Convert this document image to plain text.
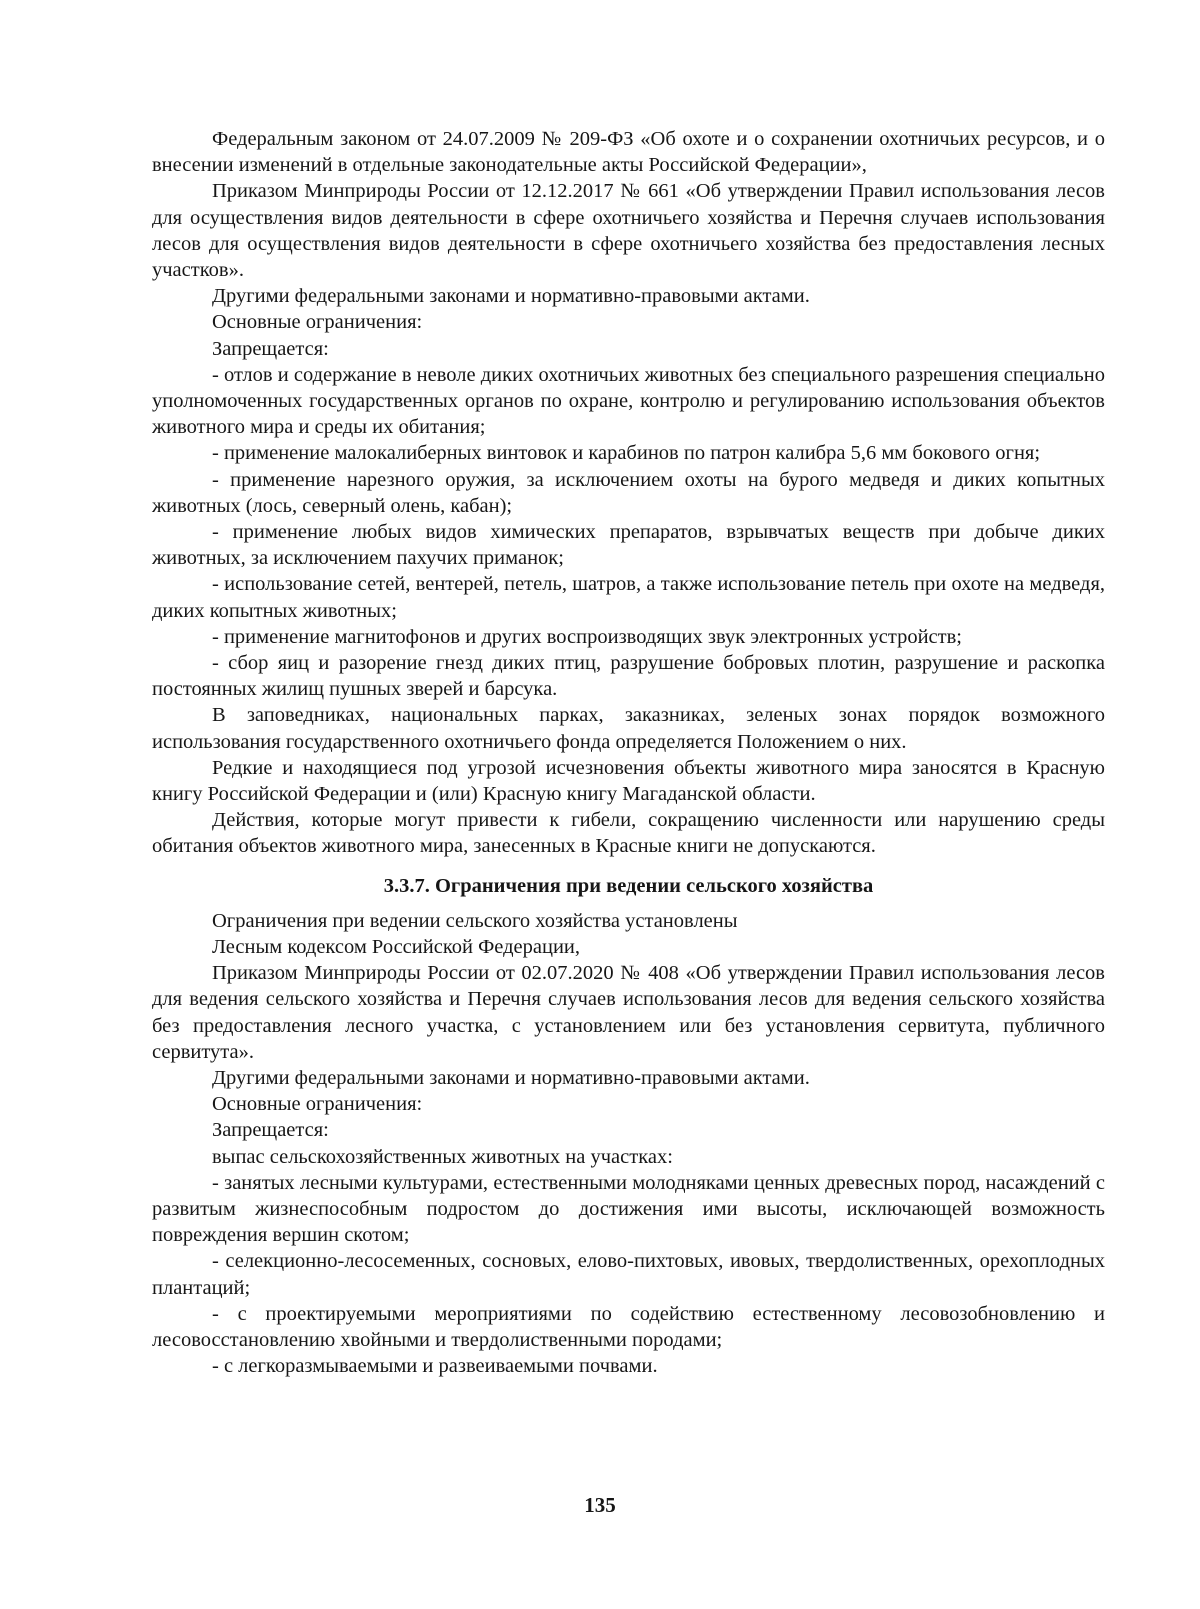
Федеральным законом от 24.07.2009 № 209-ФЗ «Об охоте и о сохранении охотничьих ресурсов, и о внесении изменений в отдельные законодательные акты Российской Федерации»,

Приказом Минприроды России от 12.12.2017 № 661 «Об утверждении Правил использования лесов для осуществления видов деятельности в сфере охотничьего хозяйства и Перечня случаев использования лесов для осуществления видов деятельности в сфере охотничьего хозяйства без предоставления лесных участков».

Другими федеральными законами и нормативно-правовыми актами.

Основные ограничения:

Запрещается:

- отлов и содержание в неволе диких охотничьих животных без специального разрешения специально уполномоченных государственных органов по охране, контролю и регулированию использования объектов животного мира и среды их обитания;

- применение малокалиберных винтовок и карабинов по патрон калибра 5,6 мм бокового огня;

- применение нарезного оружия, за исключением охоты на бурого медведя и диких копытных животных (лось, северный олень, кабан);

- применение любых видов химических препаратов, взрывчатых веществ при добыче диких животных, за исключением пахучих приманок;

- использование сетей, вентерей, петель, шатров, а также использование петель при охоте на медведя, диких копытных животных;

- применение магнитофонов и других воспроизводящих звук электронных устройств;

- сбор яиц и разорение гнезд диких птиц, разрушение бобровых плотин, разрушение и раскопка постоянных жилищ пушных зверей и барсука.

В заповедниках, национальных парках, заказниках, зеленых зонах порядок возможного использования государственного охотничьего фонда определяется Положением о них.

Редкие и находящиеся под угрозой исчезновения объекты животного мира заносятся в Красную книгу Российской Федерации и (или) Красную книгу Магаданской области.

Действия, которые могут привести к гибели, сокращению численности или нарушению среды обитания объектов животного мира, занесенных в Красные книги не допускаются.

3.3.7. Ограничения при ведении сельского хозяйства

Ограничения при ведении сельского хозяйства установлены

Лесным кодексом Российской Федерации,

Приказом Минприроды России от 02.07.2020 № 408 «Об утверждении Правил использования лесов для ведения сельского хозяйства и Перечня случаев использования лесов для ведения сельского хозяйства без предоставления лесного участка, с установлением или без установления сервитута, публичного сервитута».

Другими федеральными законами и нормативно-правовыми актами.

Основные ограничения:

Запрещается:

выпас сельскохозяйственных животных на участках:

- занятых лесными культурами, естественными молодняками ценных древесных пород, насаждений с развитым жизнеспособным подростом до достижения ими высоты, исключающей возможность повреждения вершин скотом;

- селекционно-лесосеменных, сосновых, елово-пихтовых, ивовых, твердолиственных, орехоплодных плантаций;

- с проектируемыми мероприятиями по содействию естественному лесовозобновлению и лесовосстановлению хвойными и твердолиственными породами;

- с легкоразмываемыми и развеиваемыми почвами.

135
